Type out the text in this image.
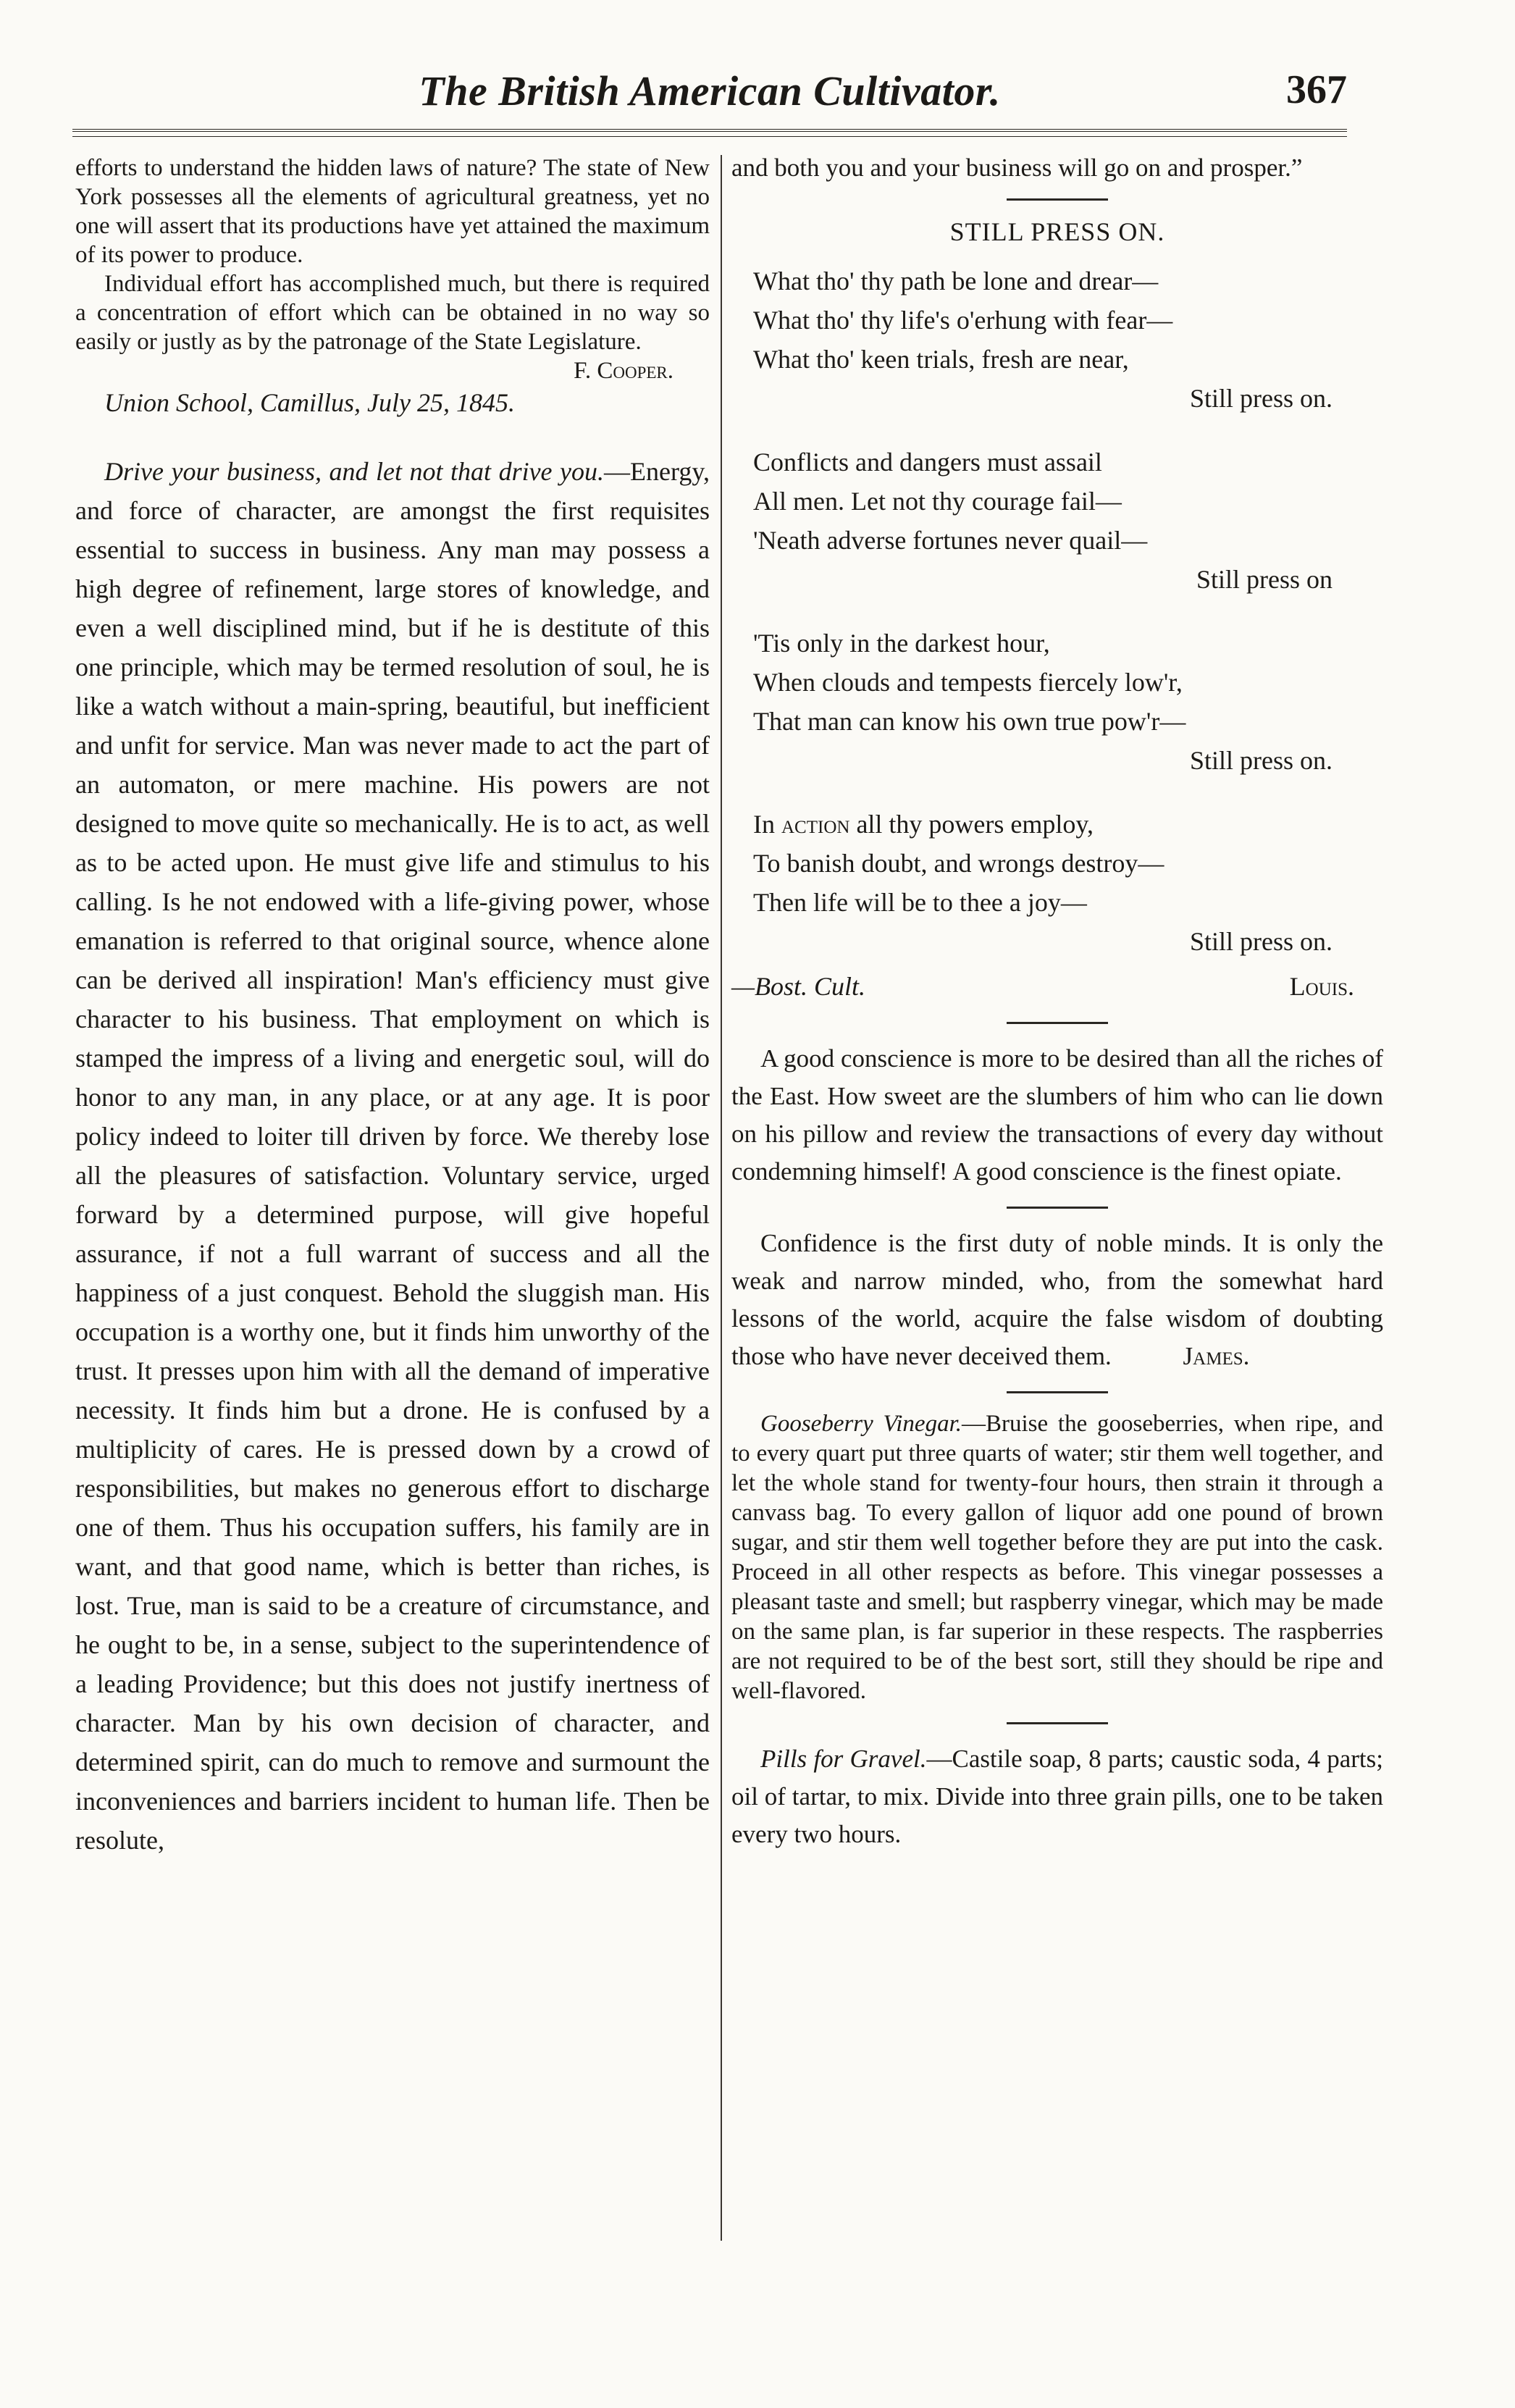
The British American Cultivator.	367

efforts to understand the hidden laws of nature? The state of New York possesses all the elements of agricultural greatness, yet no one will assert that its productions have yet attained the maximum of its power to produce.

Individual effort has accomplished much, but there is required a concentration of effort which can be obtained in no way so easily or justly as by the patronage of the State Legislature.

F. Cooper.

Union School, Camillus, July 25, 1845.

Drive your business, and let not that drive you.—Energy, and force of character, are amongst the first requisites essential to success in business. Any man may possess a high degree of refinement, large stores of knowledge, and even a well disciplined mind, but if he is destitute of this one principle, which may be termed resolution of soul, he is like a watch without a main-spring, beautiful, but inefficient and unfit for service. Man was never made to act the part of an automaton, or mere machine. His powers are not designed to move quite so mechanically. He is to act, as well as to be acted upon. He must give life and stimulus to his calling. Is he not endowed with a life-giving power, whose emanation is referred to that original source, whence alone can be derived all inspiration! Man's efficiency must give character to his business. That employment on which is stamped the impress of a living and energetic soul, will do honor to any man, in any place, or at any age. It is poor policy indeed to loiter till driven by force. We thereby lose all the pleasures of satisfaction. Voluntary service, urged forward by a determined purpose, will give hopeful assurance, if not a full warrant of success and all the happiness of a just conquest. Behold the sluggish man. His occupation is a worthy one, but it finds him unworthy of the trust. It presses upon him with all the demand of imperative necessity. It finds him but a drone. He is confused by a multiplicity of cares. He is pressed down by a crowd of responsibilities, but makes no generous effort to discharge one of them. Thus his occupation suffers, his family are in want, and that good name, which is better than riches, is lost. True, man is said to be a creature of circumstance, and he ought to be, in a sense, subject to the superintendence of a leading Providence; but this does not justify inertness of character. Man by his own decision of character, and determined spirit, can do much to remove and surmount the inconveniences and barriers incident to human life. Then be resolute,

and both you and your business will go on and prosper.”

STILL PRESS ON.
What tho' thy path be lone and drear—
What tho' thy life's o'erhung with fear—
What tho' keen trials, fresh are near,
Still press on.
Conflicts and dangers must assail
All men. Let not thy courage fail—
'Neath adverse fortunes never quail—
Still press on
'Tis only in the darkest hour,
When clouds and tempests fiercely low'r,
That man can know his own true pow'r—
Still press on.
In action all thy powers employ,
To banish doubt, and wrongs destroy—
Then life will be to thee a joy—
Still press on.
—Bost. Cult.	Louis.

A good conscience is more to be desired than all the riches of the East. How sweet are the slumbers of him who can lie down on his pillow and review the transactions of every day without condemning himself! A good conscience is the finest opiate.

Confidence is the first duty of noble minds. It is only the weak and narrow minded, who, from the somewhat hard lessons of the world, acquire the false wisdom of doubting those who have never deceived them.	James.

Gooseberry Vinegar.—Bruise the gooseberries, when ripe, and to every quart put three quarts of water; stir them well together, and let the whole stand for twenty-four hours, then strain it through a canvass bag. To every gallon of liquor add one pound of brown sugar, and stir them well together before they are put into the cask. Proceed in all other respects as before. This vinegar possesses a pleasant taste and smell; but raspberry vinegar, which may be made on the same plan, is far superior in these respects. The raspberries are not required to be of the best sort, still they should be ripe and well-flavored.

Pills for Gravel.—Castile soap, 8 parts; caustic soda, 4 parts; oil of tartar, to mix. Divide into three grain pills, one to be taken every two hours.
